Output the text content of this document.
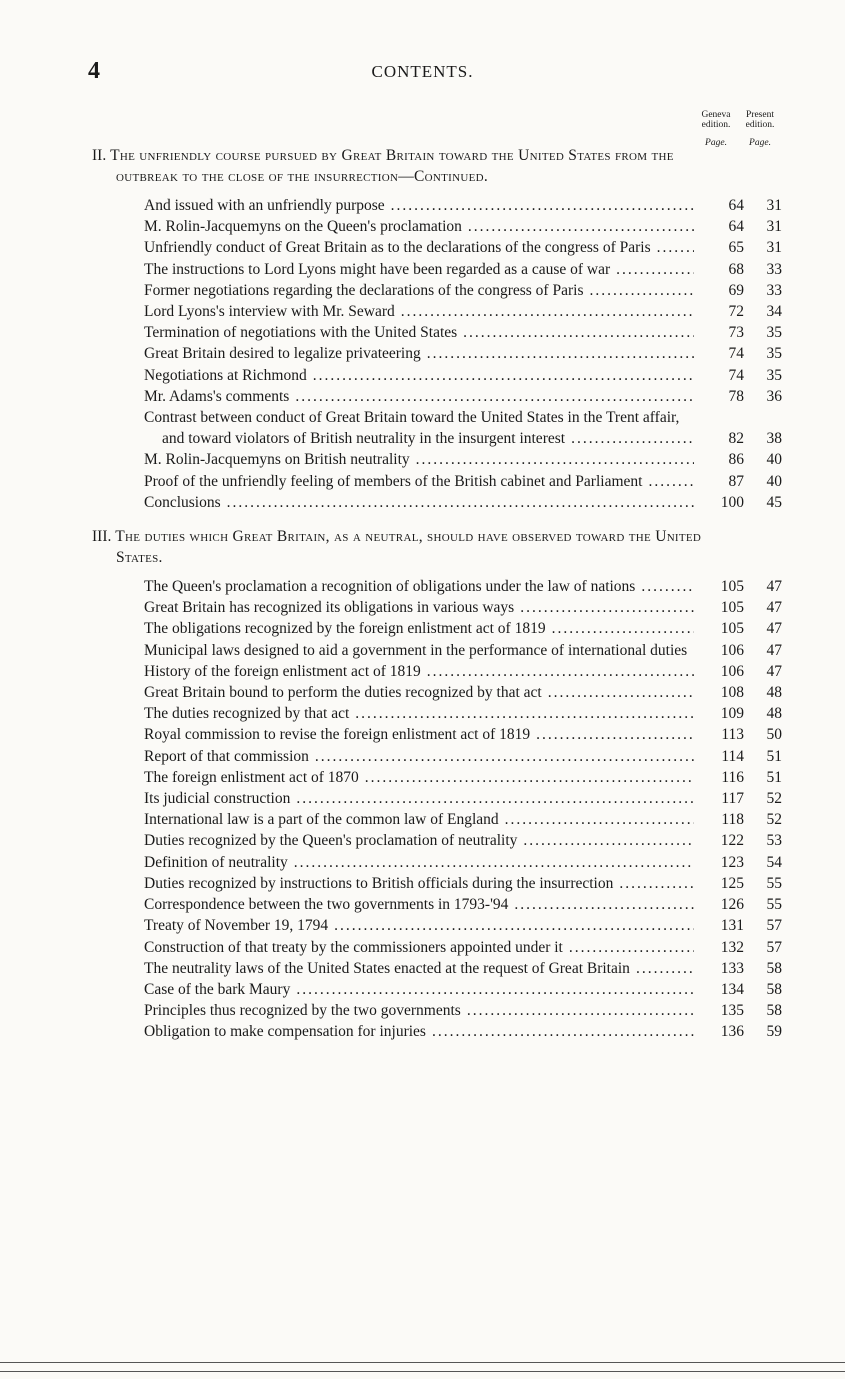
4	CONTENTS.
Geneva
edition.
Page.
Present
edition.
Page.
II. The unfriendly course pursued by Great Britain toward the United States from the outbreak to the close of the insurrection—Continued.
And issued with an unfriendly purpose .....	64	31
M. Rolin-Jacquemyns on the Queen's proclamation .....	64	31
Unfriendly conduct of Great Britain as to the declarations of the congress of Paris .....	65	31
The instructions to Lord Lyons might have been regarded as a cause of war .....	68	33
Former negotiations regarding the declarations of the congress of Paris .....	69	33
Lord Lyons's interview with Mr. Seward .....	72	34
Termination of negotiations with the United States .....	73	35
Great Britain desired to legalize privateering .....	74	35
Negotiations at Richmond .....	74	35
Mr. Adams's comments .....	78	36
Contrast between conduct of Great Britain toward the United States in the Trent affair, and toward violators of British neutrality in the insurgent interest .....	82	38
M. Rolin-Jacquemyns on British neutrality .....	86	40
Proof of the unfriendly feeling of members of the British cabinet and Parliament .....	87	40
Conclusions .....	100	45
III. The duties which Great Britain, as a neutral, should have observed toward the United States.
The Queen's proclamation a recognition of obligations under the law of nations .....	105	47
Great Britain has recognized its obligations in various ways .....	105	47
The obligations recognized by the foreign enlistment act of 1819 .....	105	47
Municipal laws designed to aid a government in the performance of international duties .....	106	47
History of the foreign enlistment act of 1819 .....	106	47
Great Britain bound to perform the duties recognized by that act .....	108	48
The duties recognized by that act .....	109	48
Royal commission to revise the foreign enlistment act of 1819 .....	113	50
Report of that commission .....	114	51
The foreign enlistment act of 1870 .....	116	51
Its judicial construction .....	117	52
International law is a part of the common law of England .....	118	52
Duties recognized by the Queen's proclamation of neutrality .....	122	53
Definition of neutrality .....	123	54
Duties recognized by instructions to British officials during the insurrection .....	125	55
Correspondence between the two governments in 1793-'94 .....	126	55
Treaty of November 19, 1794 .....	131	57
Construction of that treaty by the commissioners appointed under it .....	132	57
The neutrality laws of the United States enacted at the request of Great Britain .....	133	58
Case of the bark Maury .....	134	58
Principles thus recognized by the two governments .....	135	58
Obligation to make compensation for injuries .....	136	59
